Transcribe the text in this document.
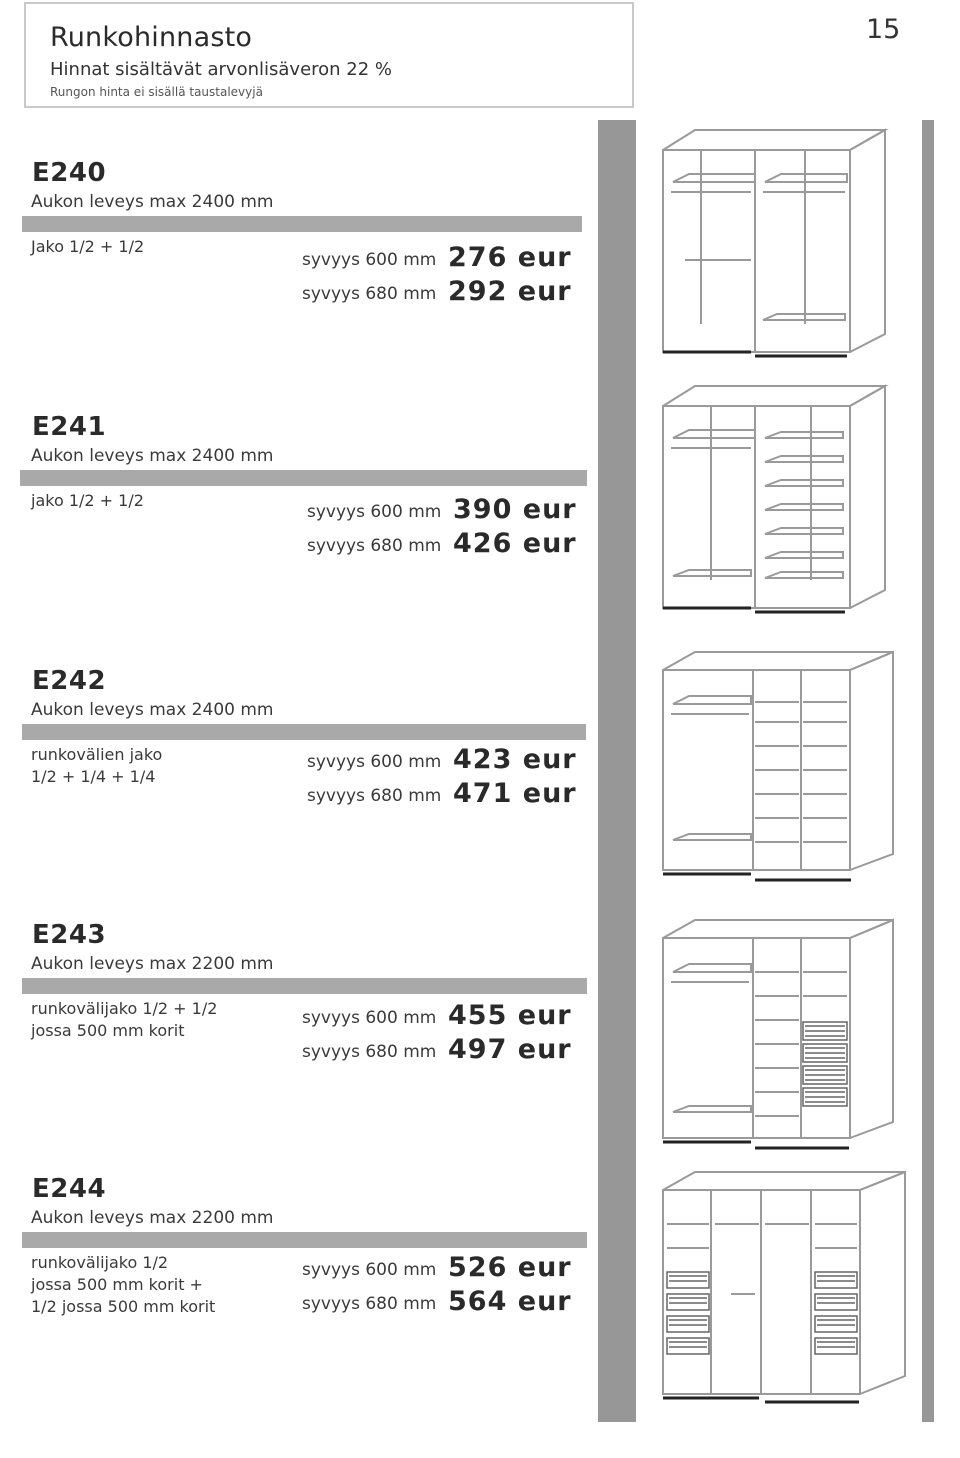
Runkohinnasto
Hinnat sisältävät arvonlisäveron 22 %
Rungon hinta ei sisällä taustalevyjä
15
E240
Aukon leveys max 2400 mm
Jako 1/2 + 1/2
syvyys 600 mm 276 eur
syvyys 680 mm 292 eur
E241
Aukon leveys max 2400 mm
jako 1/2 + 1/2
syvyys 600 mm 390 eur
syvyys 680 mm 426 eur
E242
Aukon leveys max 2400 mm
runkovälien jako
1/2 + 1/4 + 1/4
syvyys 600 mm 423 eur
syvyys 680 mm 471 eur
E243
Aukon leveys max 2200 mm
runkovälijako 1/2 + 1/2
jossa 500 mm korit
syvyys 600 mm 455 eur
syvyys 680 mm 497 eur
E244
Aukon leveys max 2200 mm
runkovälijako 1/2
jossa 500 mm korit +
1/2 jossa 500 mm korit
syvyys 600 mm 526 eur
syvyys 680 mm 564 eur
